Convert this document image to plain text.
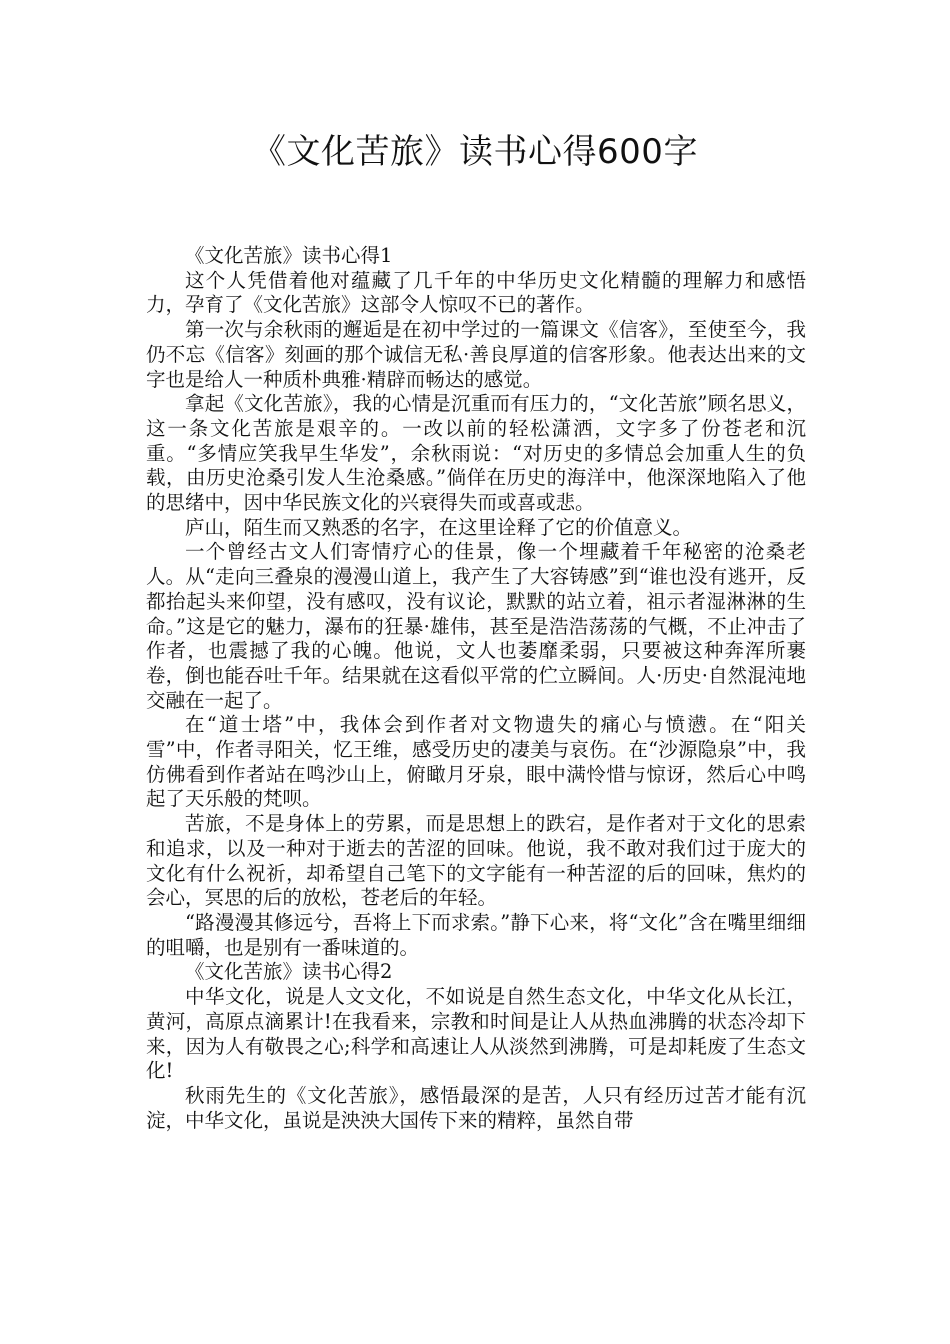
《文化苦旅》读书心得600字

《文化苦旅》读书心得1

这个人凭借着他对蕴藏了几千年的中华历史文化精髓的理解力和感悟力，孕育了《文化苦旅》这部令人惊叹不已的著作。

第一次与余秋雨的邂逅是在初中学过的一篇课文《信客》，至使至今，我仍不忘《信客》刻画的那个诚信无私·善良厚道的信客形象。他表达出来的文字也是给人一种质朴典雅·精辟而畅达的感觉。

拿起《文化苦旅》，我的心情是沉重而有压力的，“文化苦旅”顾名思义，这一条文化苦旅是艰辛的。一改以前的轻松潇洒，文字多了份苍老和沉重。“多情应笑我早生华发”，余秋雨说：“对历史的多情总会加重人生的负载，由历史沧桑引发人生沧桑感。”倘佯在历史的海洋中，他深深地陷入了他的思绪中，因中华民族文化的兴衰得失而或喜或悲。

庐山，陌生而又熟悉的名字，在这里诠释了它的价值意义。

一个曾经古文人们寄情疗心的佳景，像一个埋藏着千年秘密的沧桑老人。从“走向三叠泉的漫漫山道上，我产生了大容铸感”到“谁也没有逃开，反都抬起头来仰望，没有感叹，没有议论，默默的站立着，祖示者湿淋淋的生命。”这是它的魅力，瀑布的狂暴·雄伟，甚至是浩浩荡荡的气概，不止冲击了作者，也震撼了我的心魄。他说，文人也萎靡柔弱，只要被这种奔浑所裹卷，倒也能吞吐千年。结果就在这看似平常的伫立瞬间。人·历史·自然混沌地交融在一起了。

在“道士塔”中，我体会到作者对文物遗失的痛心与愤懑。在“阳关雪”中，作者寻阳关，忆王维，感受历史的凄美与哀伤。在“沙源隐泉”中，我仿佛看到作者站在鸣沙山上，俯瞰月牙泉，眼中满怜惜与惊讶，然后心中鸣起了天乐般的梵呗。

苦旅，不是身体上的劳累，而是思想上的跌宕，是作者对于文化的思索和追求，以及一种对于逝去的苦涩的回味。他说，我不敢对我们过于庞大的文化有什么祝祈，却希望自己笔下的文字能有一种苦涩的后的回味，焦灼的会心，冥思的后的放松，苍老后的年轻。

“路漫漫其修远兮，吾将上下而求索。”静下心来，将“文化”含在嘴里细细的咀嚼，也是别有一番味道的。

《文化苦旅》读书心得2

中华文化，说是人文文化，不如说是自然生态文化，中华文化从长江，黄河，高原点滴累计!在我看来，宗教和时间是让人从热血沸腾的状态冷却下来，因为人有敬畏之心;科学和高速让人从淡然到沸腾，可是却耗废了生态文化!

秋雨先生的《文化苦旅》，感悟最深的是苦，人只有经历过苦才能有沉淀，中华文化，虽说是泱泱大国传下来的精粹，虽然自带
